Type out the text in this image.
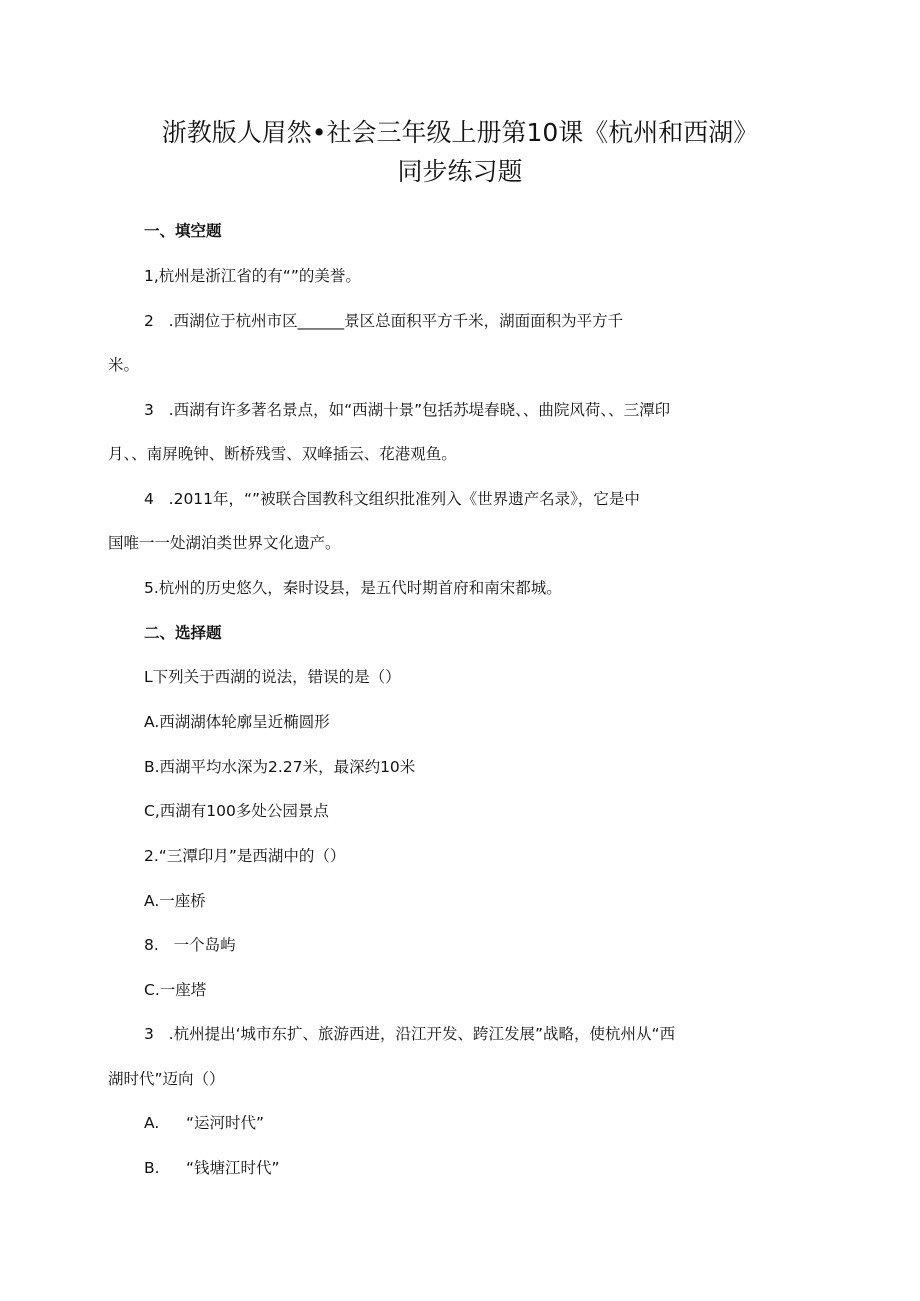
浙教版人眉然•社会三年级上册第10课《杭州和西湖》
同步练习题
一、填空题
1,杭州是浙江省的有“”的美誉。
2 .西湖位于杭州市区______景区总面积平方千米，湖面面积为平方千
米。
3 .西湖有许多著名景点，如“西湖十景”包括苏堤春晓、、曲院风荷、、三潭印
月、、南屏晚钟、断桥残雪、双峰插云、花港观鱼。
4 .2011年，“”被联合国教科文组织批准列入《世界遗产名录》，它是中
国唯一一处湖泊类世界文化遗产。
5.杭州的历史悠久，秦时设县，是五代时期首府和南宋都城。
二、选择题
L下列关于西湖的说法，错误的是（）
A.西湖湖体轮廓呈近椭圆形
B.西湖平均水深为2.27米，最深约10米
C,西湖有100多处公园景点
2.“三潭印月”是西湖中的（）
A.一座桥
8. 一个岛屿
C.一座塔
3 .杭州提出‘城市东扩、旅游西进，沿江开发、跨江发展”战略，使杭州从“西
湖时代”迈向（）
A. “运河时代”
B. “钱塘江时代”
